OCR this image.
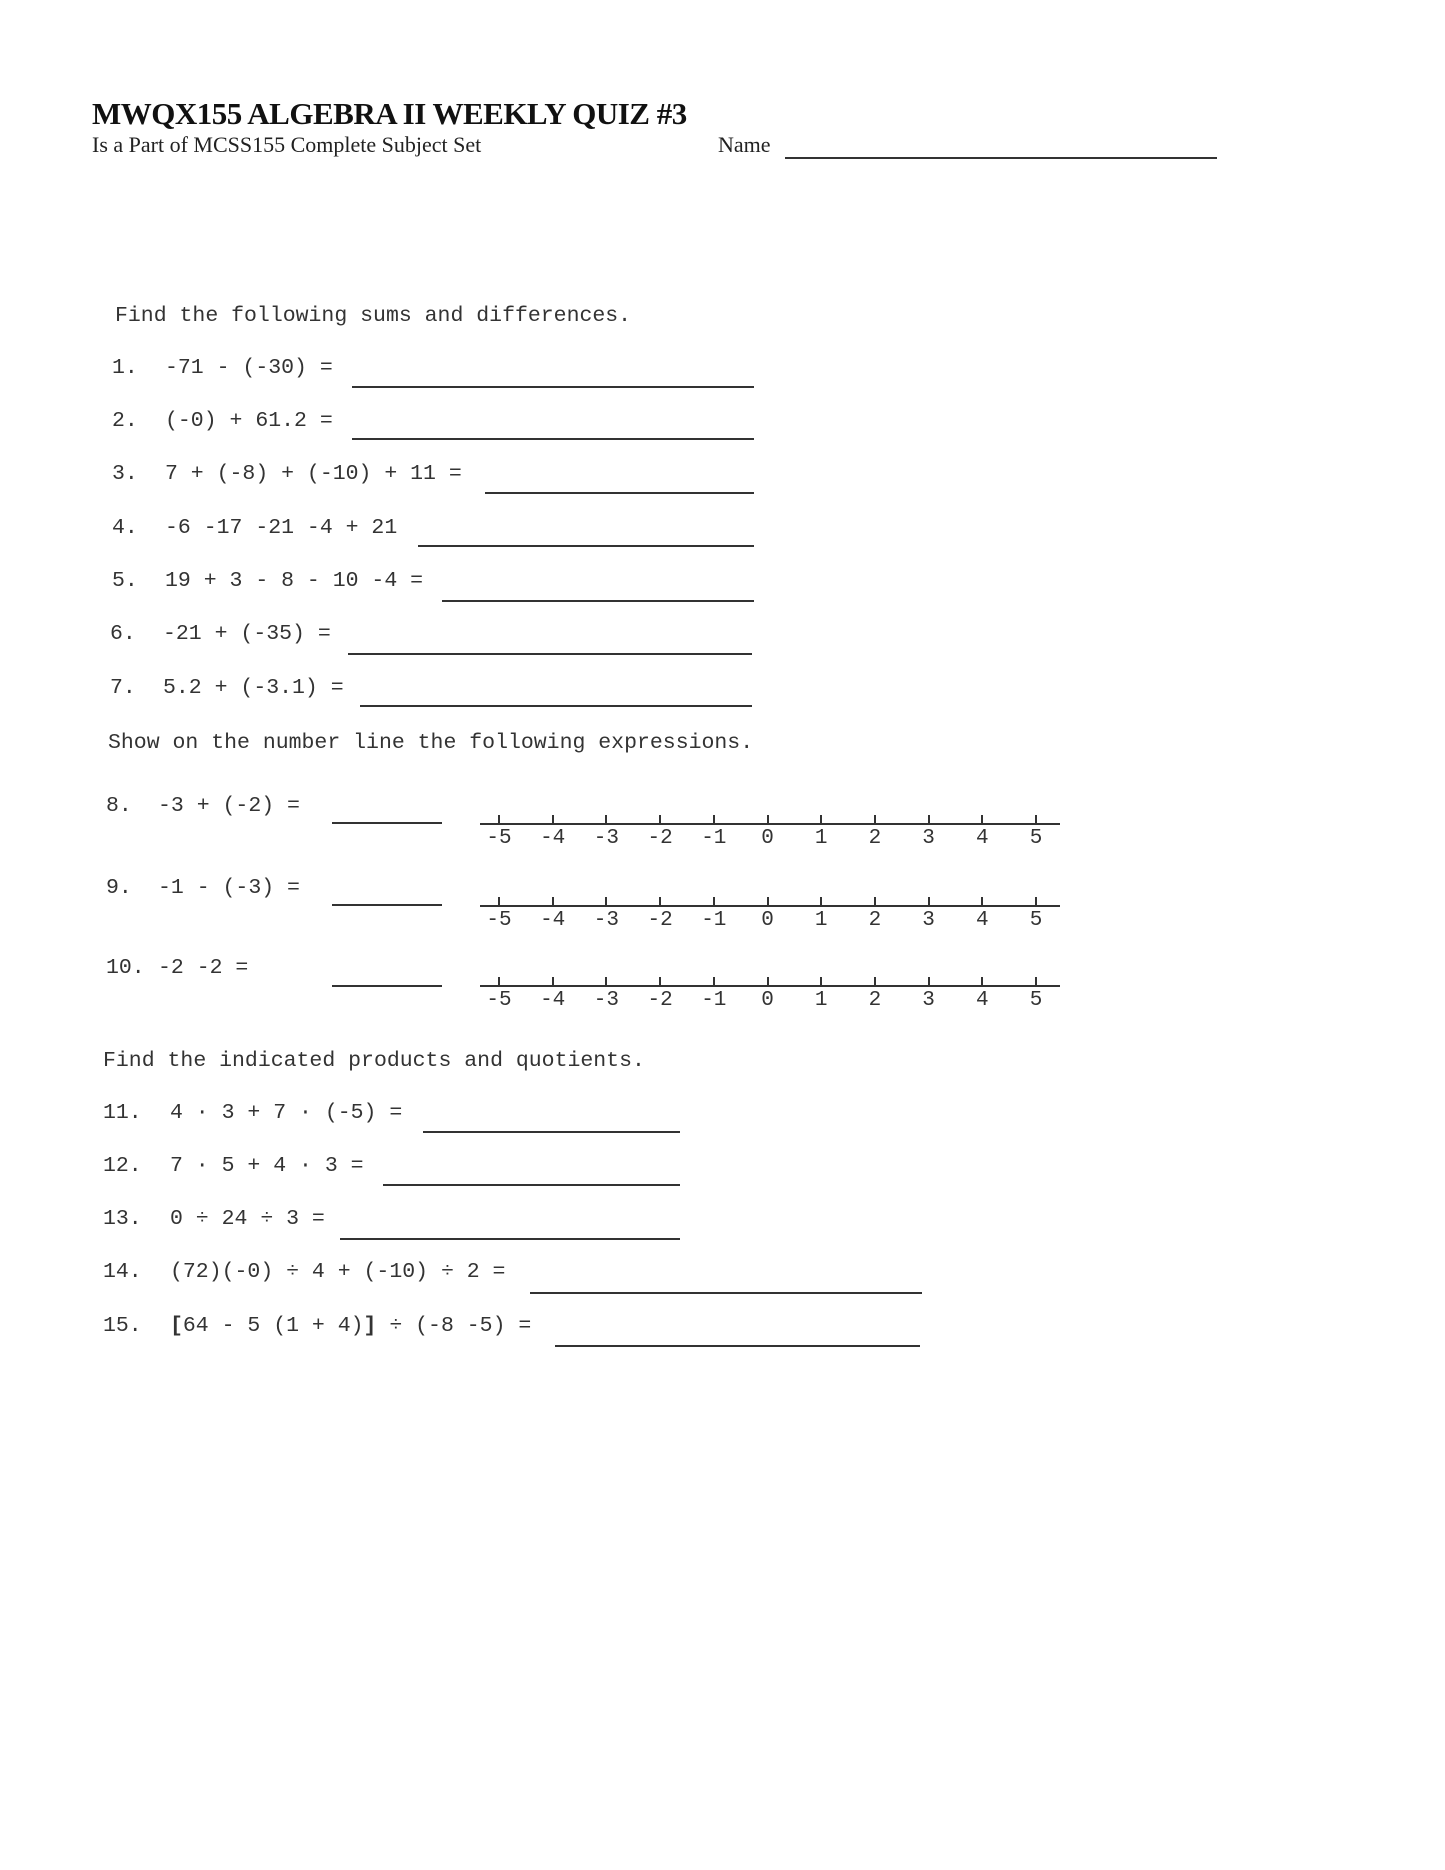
MWQX155 ALGEBRA II WEEKLY QUIZ #3
Is a Part of MCSS155 Complete Subject Set	Name
Find the following sums and differences.
1. -71 - (-30) =
2. (-0) + 61.2 =
3. 7 + (-8) + (-10) + 11 =
4. -6 -17 -21 -4 + 21
5. 19 + 3 - 8 - 10 -4 =
6. -21 + (-35) =
7. 5.2 + (-3.1) =
Show on the number line the following expressions.
8. -3 + (-2) =
-5 -4 -3 -2 -1 0 1 2 3 4 5
9. -1 - (-3) =
-5 -4 -3 -2 -1 0 1 2 3 4 5
10. -2 -2 =
-5 -4 -3 -2 -1 0 1 2 3 4 5
Find the indicated products and quotients.
11. 4 · 3 + 7 · (-5) =
12. 7 · 5 + 4 · 3 =
13. 0 ÷ 24 ÷ 3 =
14. (72)(-0) ÷ 4 + (-10) ÷ 2 =
15. [64 - 5 (1 + 4)] ÷ (-8 -5) =
